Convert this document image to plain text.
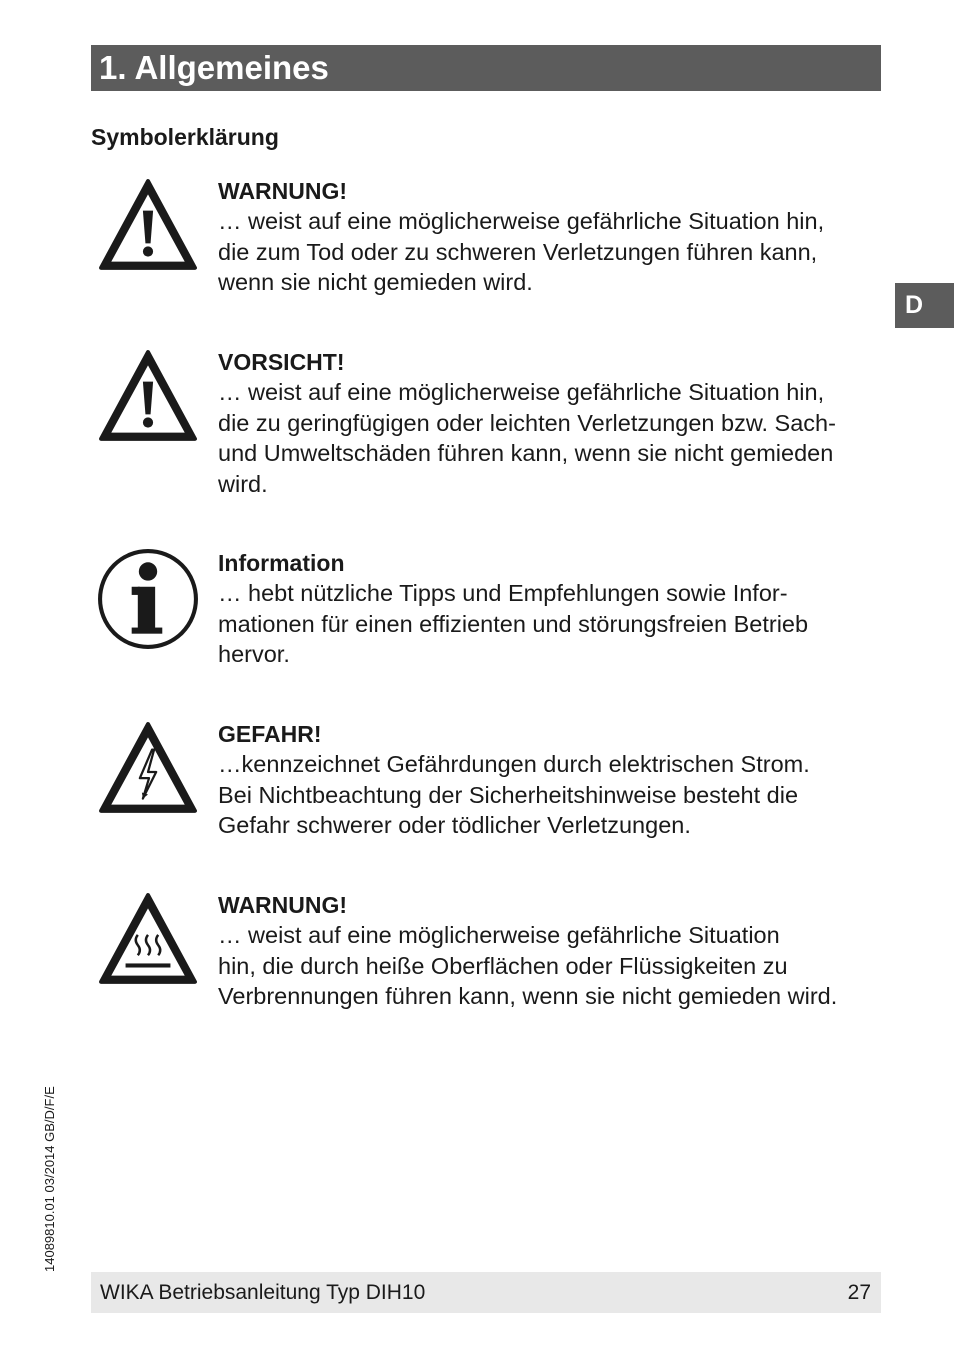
1. Allgemeines
D
Symbolerklärung

WARNUNG!

… weist auf eine möglicherweise gefährliche Situation hin,
die zum Tod oder zu schweren Verletzungen führen kann,
wenn sie nicht gemieden wird.

VORSICHT!

… weist auf eine möglicherweise gefährliche Situation hin,
die zu geringfügigen oder leichten Verletzungen bzw. Sach-
und Umweltschäden führen kann, wenn sie nicht gemieden
wird.

Information

… hebt nützliche Tipps und Empfehlungen sowie Infor-
mationen für einen effizienten und störungsfreien Betrieb
hervor.

GEFAHR!

…kennzeichnet Gefährdungen durch elektrischen Strom.
Bei Nichtbeachtung der Sicherheitshinweise besteht die
Gefahr schwerer oder tödlicher Verletzungen.

WARNUNG!

… weist auf eine möglicherweise gefährliche Situation
hin, die durch heiße Oberflächen oder Flüssigkeiten zu
Verbrennungen führen kann, wenn sie nicht gemieden wird.

14089810.01 03/2014 GB/D/F/E
WIKA Betriebsanleitung Typ DIH10	27
